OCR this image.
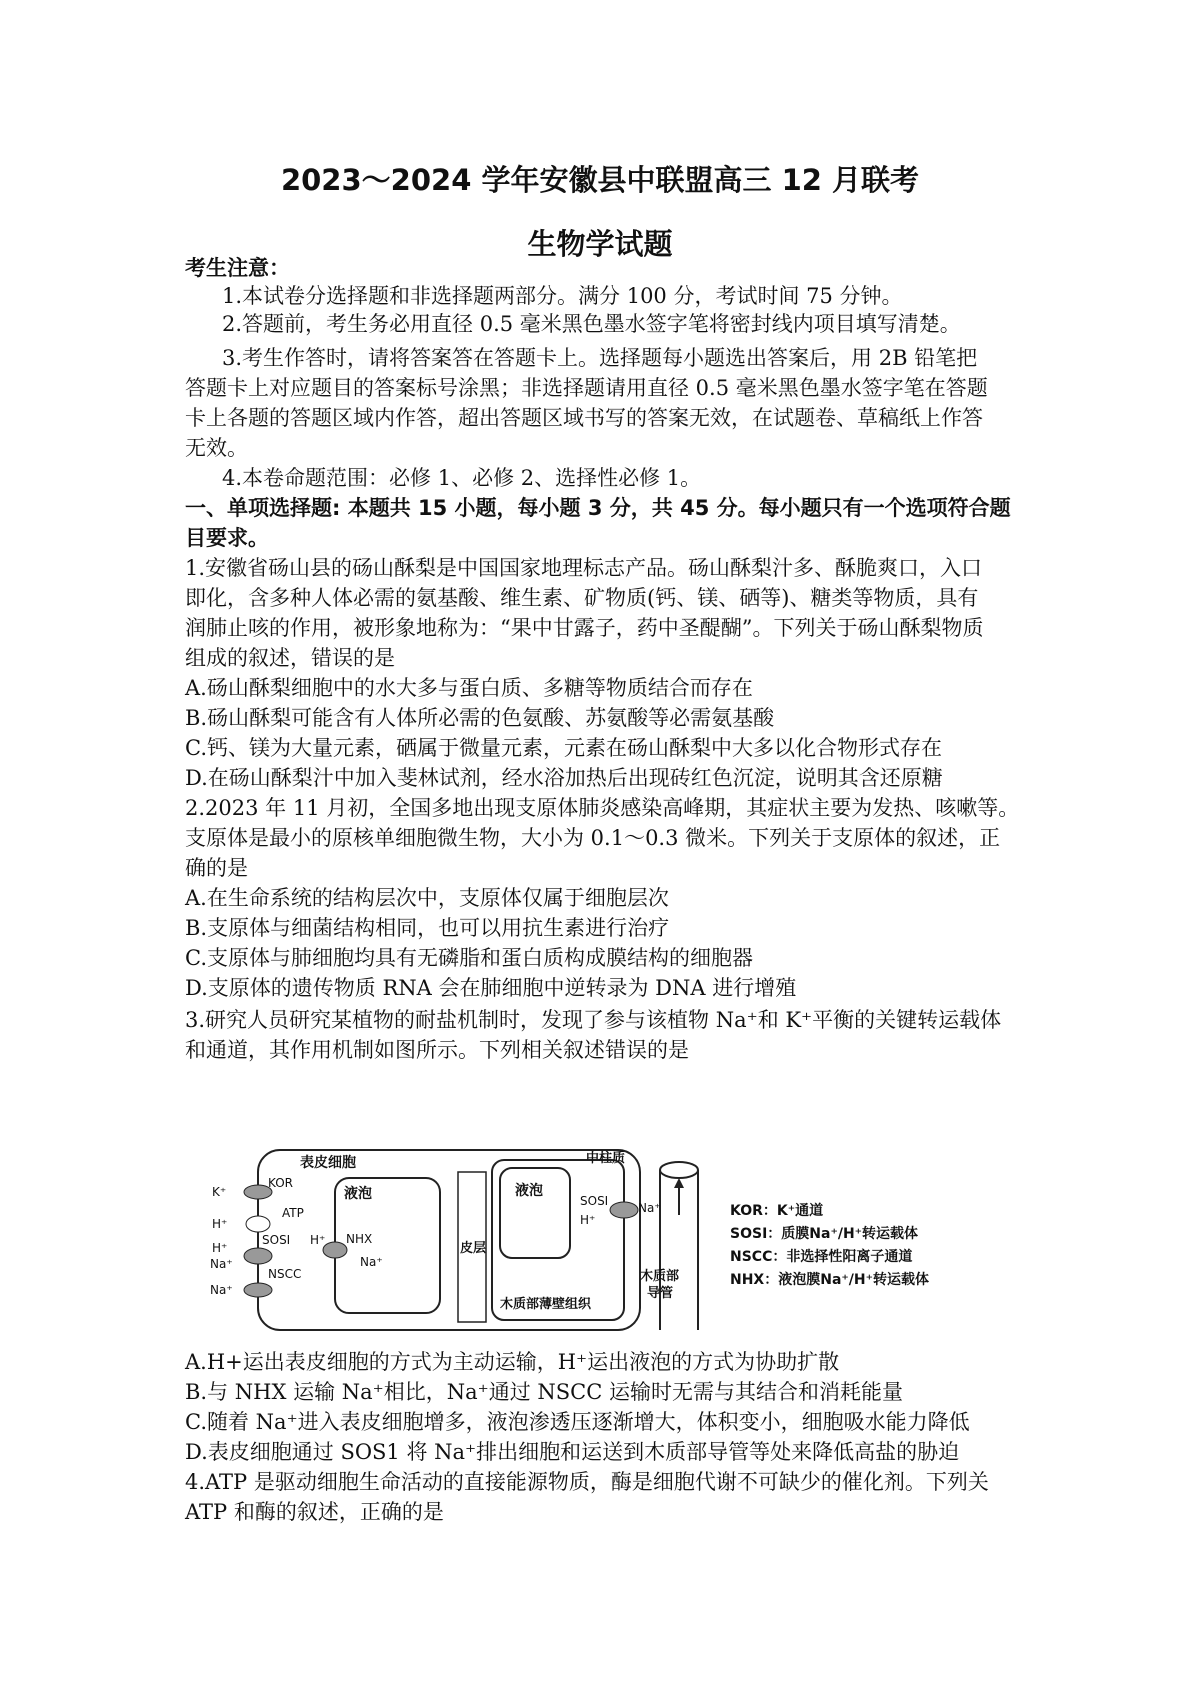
2023～2024 学年安徽县中联盟高三 12 月联考
生物学试题
考生注意：
1.本试卷分选择题和非选择题两部分。满分 100 分，考试时间 75 分钟。
2.答题前，考生务必用直径 0.5 毫米黑色墨水签字笔将密封线内项目填写清楚。
3.考生作答时，请将答案答在答题卡上。选择题每小题选出答案后，用 2B 铅笔把
答题卡上对应题目的答案标号涂黑；非选择题请用直径 0.5 毫米黑色墨水签字笔在答题
卡上各题的答题区域内作答，超出答题区域书写的答案无效，在试题卷、草稿纸上作答
无效。
4.本卷命题范围：必修 1、必修 2、选择性必修 1。
一、单项选择题: 本题共 15 小题，每小题 3 分，共 45 分。每小题只有一个选项符合题
目要求。
1.安徽省砀山县的砀山酥梨是中国国家地理标志产品。砀山酥梨汁多、酥脆爽口，入口
即化，含多种人体必需的氨基酸、维生素、矿物质(钙、镁、硒等)、糖类等物质，具有
润肺止咳的作用，被形象地称为：“果中甘露子，药中圣醍醐”。下列关于砀山酥梨物质
组成的叙述，错误的是
A.砀山酥梨细胞中的水大多与蛋白质、多糖等物质结合而存在
B.砀山酥梨可能含有人体所必需的色氨酸、苏氨酸等必需氨基酸
C.钙、镁为大量元素，硒属于微量元素，元素在砀山酥梨中大多以化合物形式存在
D.在砀山酥梨汁中加入斐林试剂，经水浴加热后出现砖红色沉淀，说明其含还原糖
2.2023 年 11 月初，全国多地出现支原体肺炎感染高峰期，其症状主要为发热、咳嗽等。
支原体是最小的原核单细胞微生物，大小为 0.1～0.3 微米。下列关于支原体的叙述，正
确的是
A.在生命系统的结构层次中，支原体仅属于细胞层次
B.支原体与细菌结构相同，也可以用抗生素进行治疗
C.支原体与肺细胞均具有无磷脂和蛋白质构成膜结构的细胞器
D.支原体的遗传物质 RNA 会在肺细胞中逆转录为 DNA 进行增殖
3.研究人员研究某植物的耐盐机制时，发现了参与该植物 Na⁺和 K⁺平衡的关键转运载体
和通道，其作用机制如图所示。下列相关叙述错误的是
表皮细胞
液泡	液泡
皮层
中柱质
木质部薄壁组织
木质部
导管
KOR
ATP
SOSI
NSCC
NHX
SOSI
K⁺
H⁺
H⁺
Na⁺
Na⁺
H⁺
Na⁺
H⁺
Na⁺	KOR：K⁺通道
SOSI：质膜Na⁺/H⁺转运载体
NSCC：非选择性阳离子通道
NHX：液泡膜Na⁺/H⁺转运载体
A.H+运出表皮细胞的方式为主动运输，H⁺运出液泡的方式为协助扩散
B.与 NHX 运输 Na⁺相比，Na⁺通过 NSCC 运输时无需与其结合和消耗能量
C.随着 Na⁺进入表皮细胞增多，液泡渗透压逐渐增大，体积变小，细胞吸水能力降低
D.表皮细胞通过 SOS1 将 Na⁺排出细胞和运送到木质部导管等处来降低高盐的胁迫
4.ATP 是驱动细胞生命活动的直接能源物质，酶是细胞代谢不可缺少的催化剂。下列关
ATP 和酶的叙述，正确的是
